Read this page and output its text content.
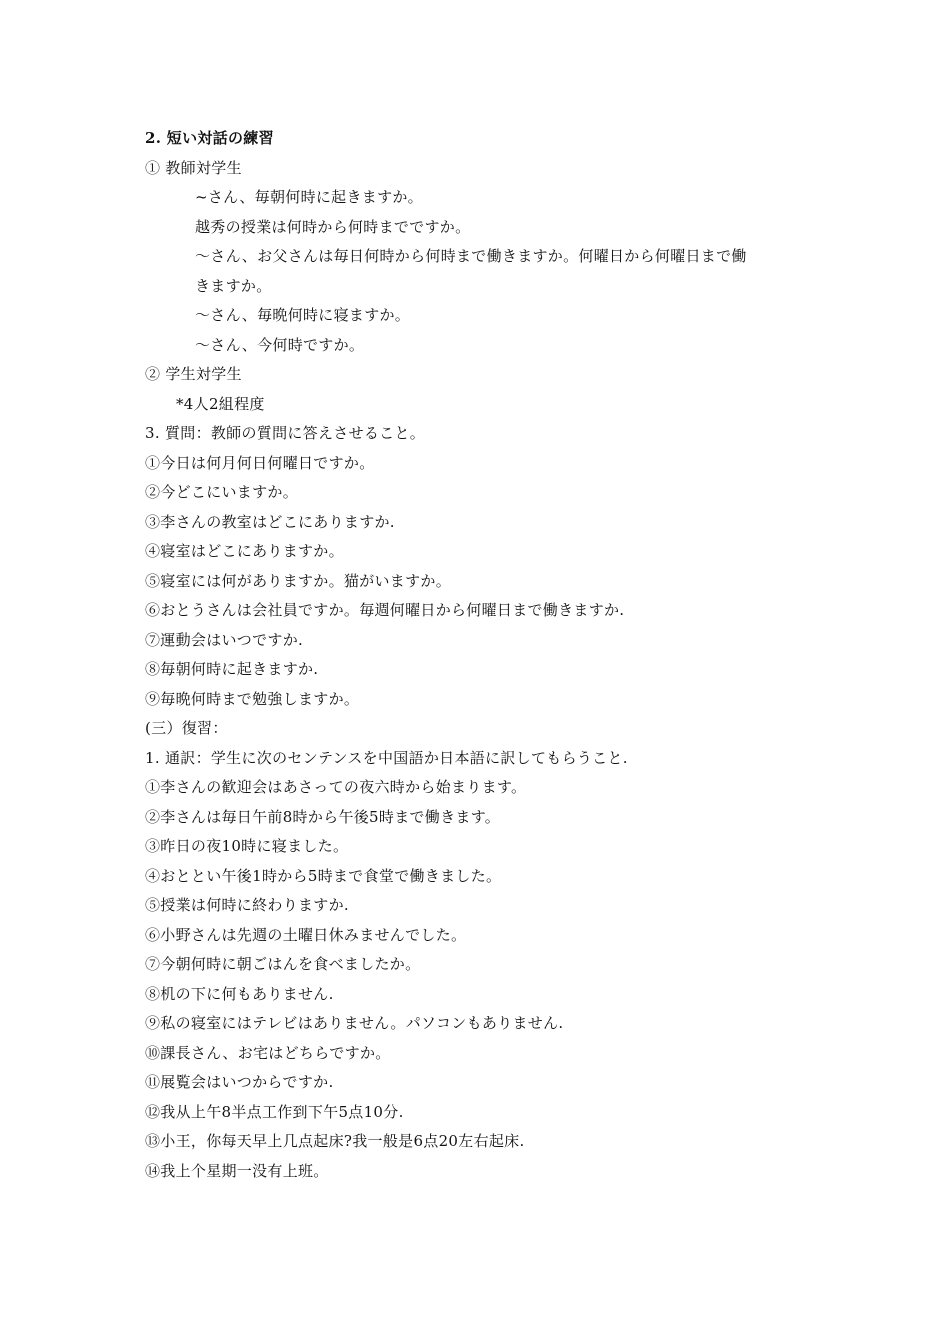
2. 短い対話の練習
① 教師対学生
~さん、毎朝何時に起きますか。
越秀の授業は何時から何時までですか。
～さん、お父さんは毎日何時から何時まで働きますか。何曜日から何曜日まで働
きますか。
～さん、毎晩何時に寝ますか。
～さん、今何時ですか。
② 学生対学生
*4人2組程度
3. 質問：教師の質問に答えさせること。
①今日は何月何日何曜日ですか。
②今どこにいますか。
③李さんの教室はどこにありますか.
④寝室はどこにありますか。
⑤寝室には何がありますか。猫がいますか。
⑥おとうさんは会社員ですか。毎週何曜日から何曜日まで働きますか.
⑦運動会はいつですか.
⑧毎朝何時に起きますか.
⑨毎晩何時まで勉強しますか。
(三）復習：
1. 通訳：学生に次のセンテンスを中国語か日本語に訳してもらうこと.
①李さんの歓迎会はあさっての夜六時から始まります。
②李さんは毎日午前8時から午後5時まで働きます。
③昨日の夜10時に寝ました。
④おととい午後1時から5時まで食堂で働きました。
⑤授業は何時に終わりますか.
⑥小野さんは先週の土曜日休みませんでした。
⑦今朝何時に朝ごはんを食べましたか。
⑧机の下に何もありません.
⑨私の寝室にはテレビはありません。パソコンもありません.
⑩課長さん、お宅はどちらですか。
⑪展覧会はいつからですか.
⑫我从上午8半点工作到下午5点10分.
⑬小王，你每天早上几点起床?我一般是6点20左右起床.
⑭我上个星期一没有上班。
